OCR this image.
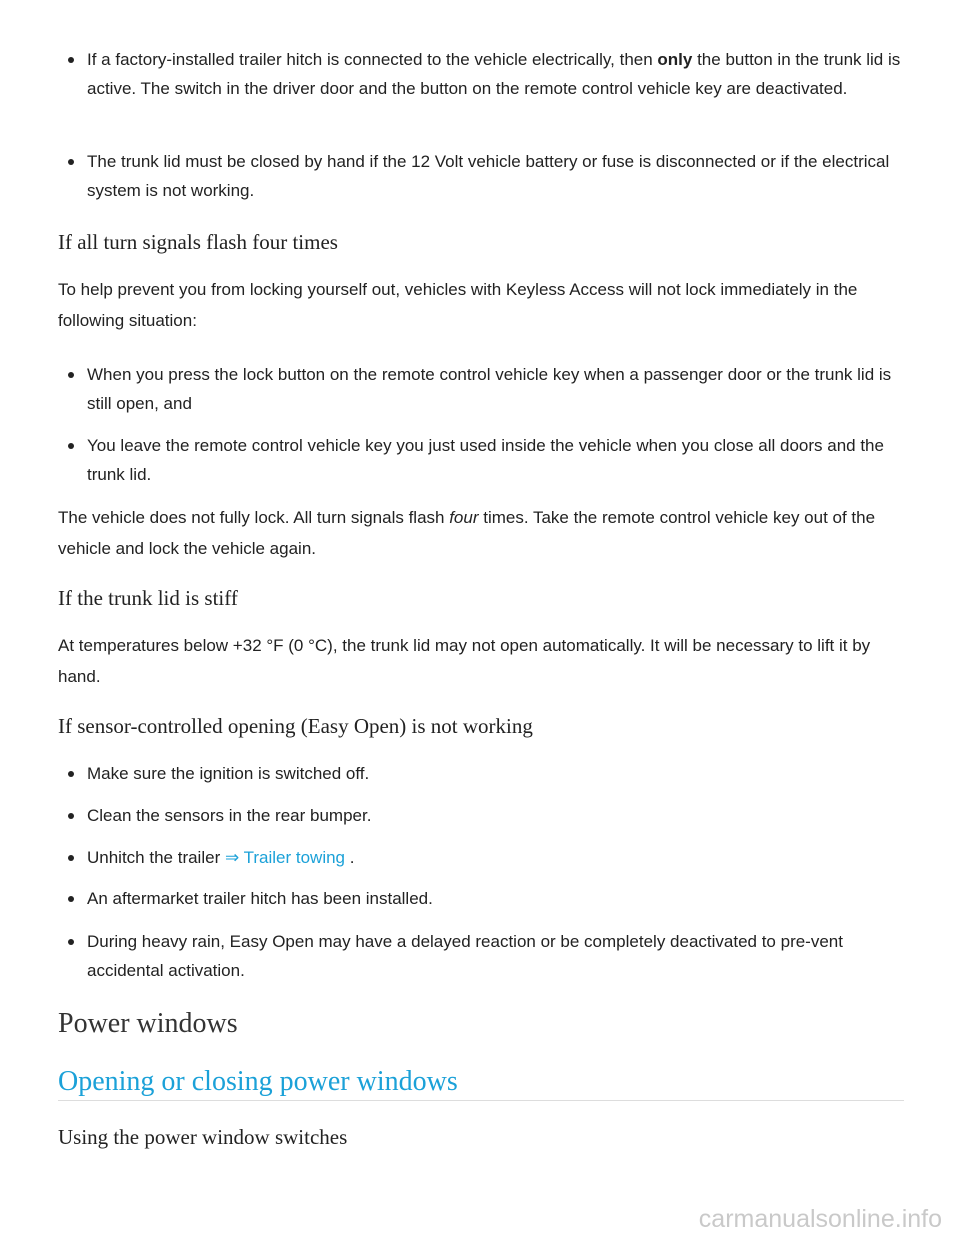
If a factory-installed trailer hitch is connected to the vehicle electrically, then only the button in the trunk lid is active. The switch in the driver door and the button on the remote control vehicle key are deactivated.
The trunk lid must be closed by hand if the 12 Volt vehicle battery or fuse is disconnected or if the electrical system is not working.
If all turn signals flash four times

To help prevent you from locking yourself out, vehicles with Keyless Access will not lock immediately in the following situation:

When you press the lock button on the remote control vehicle key when a passenger door or the trunk lid is still open, and
You leave the remote control vehicle key you just used inside the vehicle when you close all doors and the trunk lid.

The vehicle does not fully lock. All turn signals flash four times. Take the remote control vehicle key out of the vehicle and lock the vehicle again.

If the trunk lid is stiff

At temperatures below +32 °F (0 °C), the trunk lid may not open automatically. It will be necessary to lift it by hand.

If sensor-controlled opening (Easy Open) is not working
Make sure the ignition is switched off.
Clean the sensors in the rear bumper.
Unhitch the trailer ⇒ Trailer towing .
An aftermarket trailer hitch has been installed.
During heavy rain, Easy Open may have a delayed reaction or be completely deactivated to pre-vent accidental activation.
Power windows
Opening or closing power windows
Using the power window switches
carmanualsonline.info
